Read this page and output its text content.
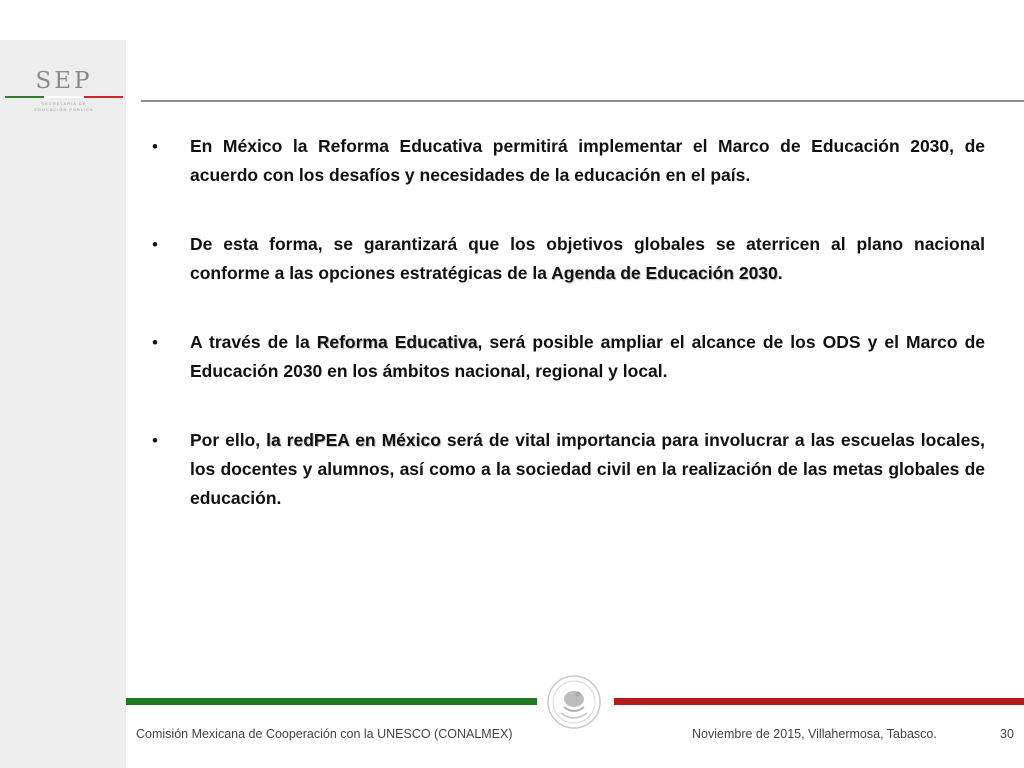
SEP
SECRETARÍA DE
EDUCACIÓN PÚBLICA
•	En México la Reforma Educativa permitirá implementar el Marco de Educación 2030, de acuerdo con los desafíos y necesidades de la educación en el país.
•	De esta forma, se garantizará que los objetivos globales se aterricen al plano nacional conforme a las opciones estratégicas de la Agenda de Educación 2030.
•	A través de la Reforma Educativa, será posible ampliar el alcance de los ODS y el Marco de Educación 2030 en los ámbitos nacional, regional y local.
•	Por ello, la redPEA en México será de vital importancia para involucrar a las escuelas locales, los docentes y alumnos, así como a la sociedad civil en la realización de las metas globales de educación.
Comisión Mexicana de Cooperación con la UNESCO (CONALMEX)	Noviembre de 2015, Villahermosa, Tabasco.	30
